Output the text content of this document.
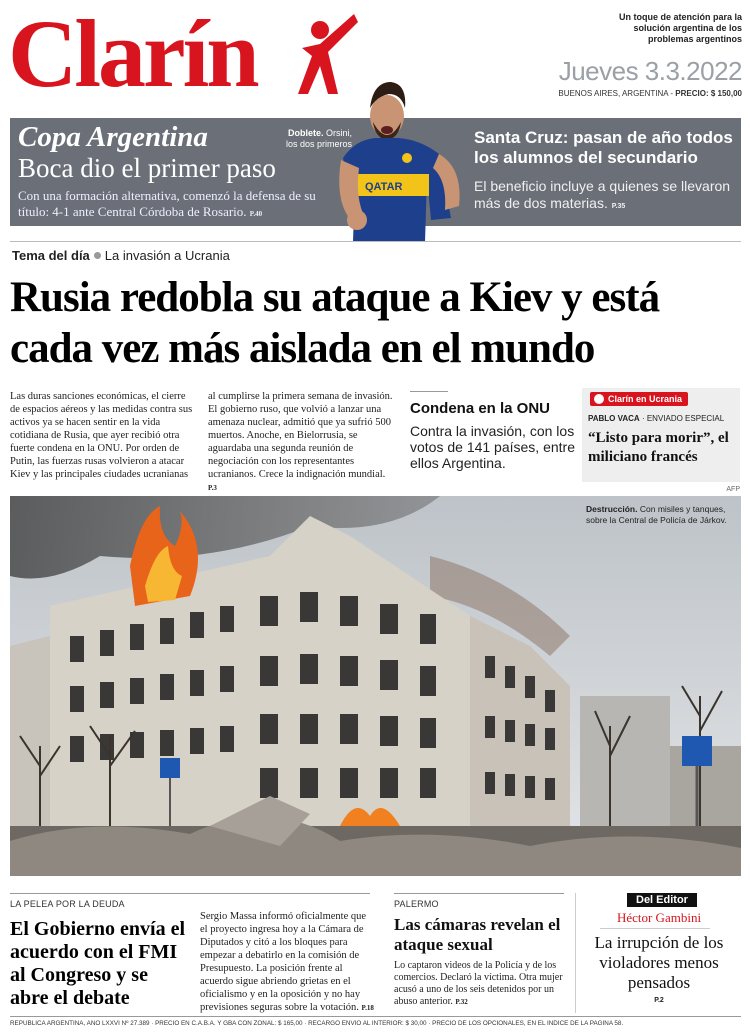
Clarín	Un toque de atención para la solución argentina de los problemas argentinos
Jueves 3.3.2022
BUENOS AIRES, ARGENTINA - PRECIO: $ 150,00
Copa Argentina
Boca dio el primer paso
Con una formación alternativa, comenzó la defensa de su título: 4-1 ante Central Córdoba de Rosario. P.40
Doblete. Orsini, los dos primeros
QATAR
Santa Cruz: pasan de año todos los alumnos del secundario
El beneficio incluye a quienes se llevaron más de dos materias. P.35
Tema del día La invasión a Ucrania
Rusia redobla su ataque a Kiev y está cada vez más aislada en el mundo
Las duras sanciones económicas, el cierre de espacios aéreos y las medidas contra sus activos ya se hacen sentir en la vida cotidiana de Rusia, que ayer recibió otra fuerte condena en la ONU. Por orden de Putin, las fuerzas rusas volvieron a atacar Kiev y las principales ciudades ucranianas
al cumplirse la primera semana de invasión. El gobierno ruso, que volvió a lanzar una amenaza nuclear, admitió que ya sufrió 500 muertos. Anoche, en Bielorrusia, se aguardaba una segunda reunión de negociación con los representantes ucranianos. Crece la indignación mundial. P.3
Condena en la ONU
Contra la invasión, con los votos de 141 países, entre ellos Argentina.
Clarín en Ucrania
PABLO VACA · ENVIADO ESPECIAL
“Listo para morir”, el miliciano francés
AFP
Destrucción. Con misiles y tanques, sobre la Central de Policía de Járkov.
LA PELEA POR LA DEUDA
El Gobierno envía el acuerdo con el FMI al Congreso y se abre el debate
Sergio Massa informó oficialmente que el proyecto ingresa hoy a la Cámara de Diputados y citó a los bloques para empezar a debatirlo en la comisión de Presupuesto. La posición frente al acuerdo sigue abriendo grietas en el oficialismo y en la oposición y no hay previsiones seguras sobre la votación. P.18
PALERMO
Las cámaras revelan el ataque sexual
Lo captaron videos de la Policía y de los comercios. Declaró la víctima. Otra mujer acusó a uno de los seis detenidos por un abuso anterior. P.32
Del Editor
Héctor Gambini
La irrupción de los violadores menos pensados
P.2
REPUBLICA ARGENTINA, AÑO LXXVI Nº 27.389 · PRECIO EN C.A.B.A. Y GBA CON ZONAL: $ 165,00 · RECARGO ENVIO AL INTERIOR: $ 30,00 · PRECIO DE LOS OPCIONALES, EN EL INDICE DE LA PAGINA 58.
